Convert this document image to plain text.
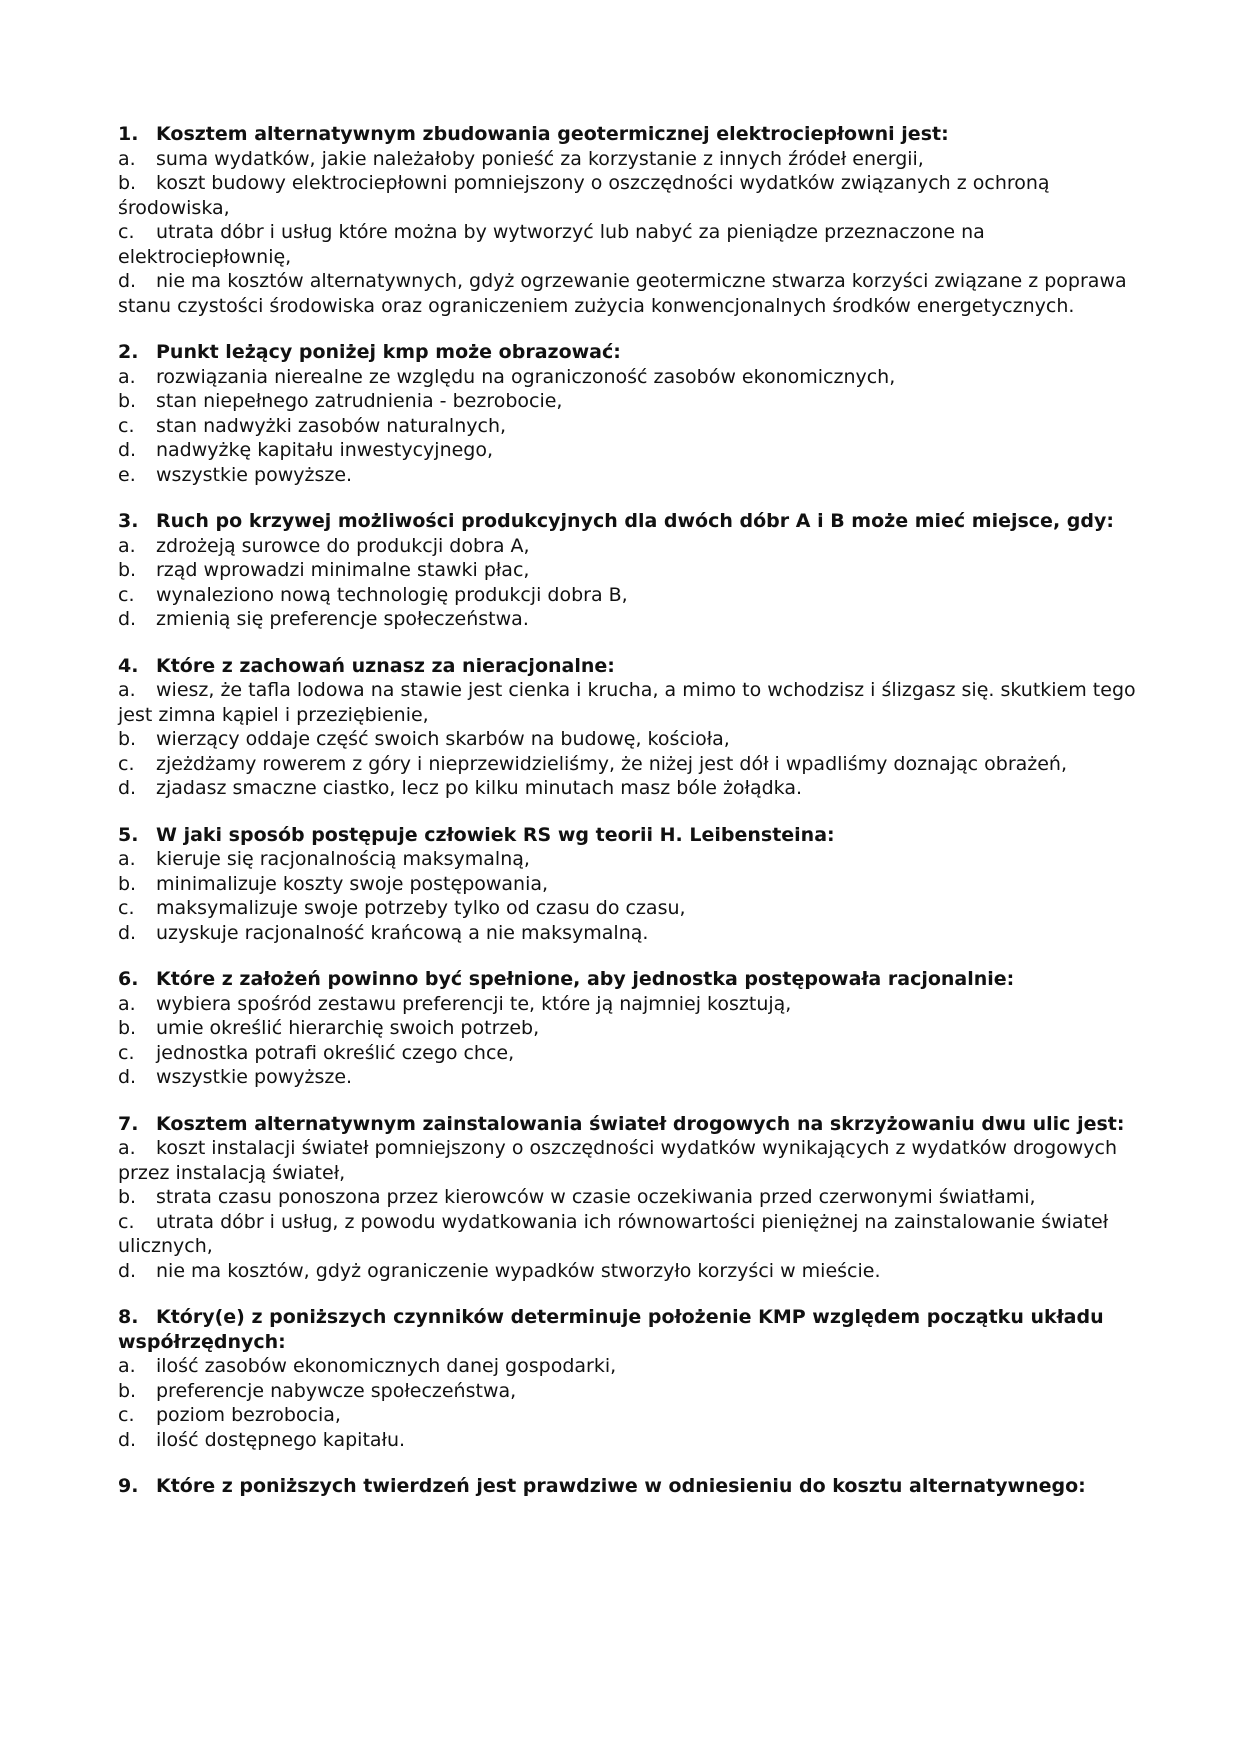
1. Kosztem alternatywnym zbudowania geotermicznej elektrociepłowni jest:

a. suma wydatków, jakie należałoby ponieść za korzystanie z innych źródeł energii,

b. koszt budowy elektrociepłowni pomniejszony o oszczędności wydatków związanych z ochroną środowiska,

c. utrata dóbr i usług które można by wytworzyć lub nabyć za pieniądze przeznaczone na elektrociepłownię,

d. nie ma kosztów alternatywnych, gdyż ogrzewanie geotermiczne stwarza korzyści związane z poprawa stanu czystości środowiska oraz ograniczeniem zużycia konwencjonalnych środków energetycznych.

2. Punkt leżący poniżej kmp może obrazować:

a. rozwiązania nierealne ze względu na ograniczoność zasobów ekonomicznych,

b. stan niepełnego zatrudnienia - bezrobocie,

c. stan nadwyżki zasobów naturalnych,

d. nadwyżkę kapitału inwestycyjnego,

e. wszystkie powyższe.

3. Ruch po krzywej możliwości produkcyjnych dla dwóch dóbr A i B może mieć miejsce, gdy:

a. zdrożeją surowce do produkcji dobra A,

b. rząd wprowadzi minimalne stawki płac,

c. wynaleziono nową technologię produkcji dobra B,

d. zmienią się preferencje społeczeństwa.

4. Które z zachowań uznasz za nieracjonalne:

a. wiesz, że tafla lodowa na stawie jest cienka i krucha, a mimo to wchodzisz i ślizgasz się. skutkiem tego jest zimna kąpiel i przeziębienie,

b. wierzący oddaje część swoich skarbów na budowę, kościoła,

c. zjeżdżamy rowerem z góry i nieprzewidzieliśmy, że niżej jest dół i wpadliśmy doznając obrażeń,

d. zjadasz smaczne ciastko, lecz po kilku minutach masz bóle żołądka.

5. W jaki sposób postępuje człowiek RS wg teorii H. Leibensteina:

a. kieruje się racjonalnością maksymalną,

b. minimalizuje koszty swoje postępowania,

c. maksymalizuje swoje potrzeby tylko od czasu do czasu,

d. uzyskuje racjonalność krańcową a nie maksymalną.

6. Które z założeń powinno być spełnione, aby jednostka postępowała racjonalnie:

a. wybiera spośród zestawu preferencji te, które ją najmniej kosztują,

b. umie określić hierarchię swoich potrzeb,

c. jednostka potrafi określić czego chce,

d. wszystkie powyższe.

7. Kosztem alternatywnym zainstalowania świateł drogowych na skrzyżowaniu dwu ulic jest:

a. koszt instalacji świateł pomniejszony o oszczędności wydatków wynikających z wydatków drogowych przez instalacją świateł,

b. strata czasu ponoszona przez kierowców w czasie oczekiwania przed czerwonymi światłami,

c. utrata dóbr i usług, z powodu wydatkowania ich równowartości pieniężnej na zainstalowanie świateł ulicznych,

d. nie ma kosztów, gdyż ograniczenie wypadków stworzyło korzyści w mieście.

8. Który(e) z poniższych czynników determinuje położenie KMP względem początku układu współrzędnych:

a. ilość zasobów ekonomicznych danej gospodarki,

b. preferencje nabywcze społeczeństwa,

c. poziom bezrobocia,

d. ilość dostępnego kapitału.

9. Które z poniższych twierdzeń jest prawdziwe w odniesieniu do kosztu alternatywnego:
